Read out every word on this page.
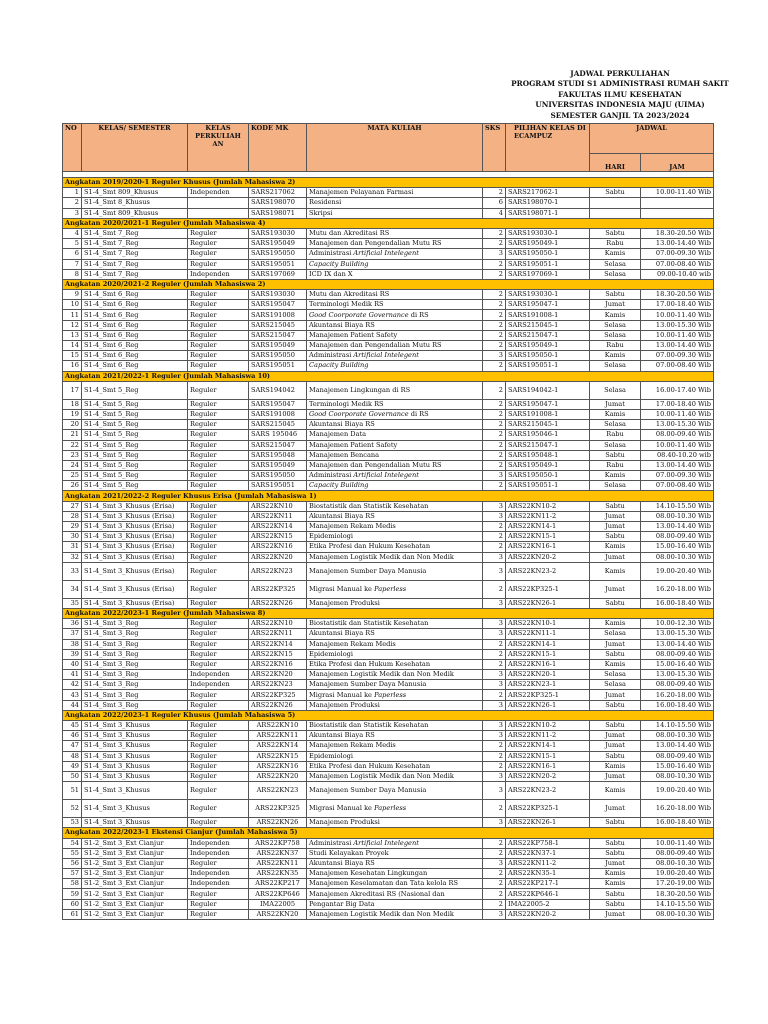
JADWAL PERKULIAHAN
PROGRAM STUDI S1 ADMINISTRASI RUMAH SAKIT
FAKULTAS ILMU KESEHATAN
UNIVERSITAS INDONESIA MAJU (UIMA)
SEMESTER GANJIL TA 2023/2024
NO	KELAS/ SEMESTER	KELAS PERKULIAH AN	KODE MK	MATA KULIAH	SKS	PILIHAN KELAS DI ECAMPUZ	JADWAL	
							HARI	JAM

Angkatan 2019/2020-1 Reguler Khusus (Jumlah Mahasiswa 2)								
1	S1-4_Smt 809_Khusus	Independen	SARS217062	Manajemen Pelayanan Farmasi	2	SARS217062-1	Sabtu	10.00-11.40 Wib
2	S1-4_Smt 8_Khusus		SARS198070	Residensi	6	SARS198070-1		
3	S1-4_Smt 809_Khusus		SARS198071	Skripsi	4	SARS198071-1		
Angkatan 2020/2021-1 Reguler (Jumlah Mahasiswa 4)								
4	S1-4_Smt 7_Reg	Reguler	SARS193030	Mutu dan Akreditasi RS	2	SARS193030-1	Sabtu	18.30-20.50 Wib
5	S1-4_Smt 7_Reg	Reguler	SARS195049	Manajemen dan Pengendalian Mutu RS	2	SARS195049-1	Rabu	13.00-14.40 Wib
6	S1-4_Smt 7_Reg	Reguler	SARS195050	Administrasi Artificial Intelegent	3	SARS195050-1	Kamis	07.00-09.30 Wib
7	S1-4_Smt 7_Reg	Reguler	SARS195051	Capacity Building	2	SARS195051-1	Selasa	07.00-08.40 Wib
8	S1-4_Smt 7_Reg	Independen	SARS197069	ICD IX dan X	2	SARS197069-1	Selasa	09.00-10.40 wib
Angkatan 2020/2021-2 Reguler (Jumlah Mahasiswa 2)								
9	S1-4_Smt 6_Reg	Reguler	SARS193030	Mutu dan Akreditasi RS	2	SARS193030-1	Sabtu	18.30-20.50 Wib
10	S1-4_Smt 6_Reg	Reguler	SARS195047	Terminologi Medik RS	2	SARS195047-1	Jumat	17.00-18.40 Wib
11	S1-4_Smt 6_Reg	Reguler	SARS191008	Good Coorporate Governance di RS	2	SARS191008-1	Kamis	10.00-11.40 Wib
12	S1-4_Smt 6_Reg	Reguler	SARS215045	Akuntansi Biaya RS	2	SARS215045-1	Selasa	13.00-15.30 Wib
13	S1-4_Smt 6_Reg	Reguler	SARS215047	Manajemen Patient Safety	2	SARS215047-1	Selasa	10.00-11.40 Wib
14	S1-4_Smt 6_Reg	Reguler	SARS195049	Manajemen dan Pengendalian Mutu RS	2	SARS195049-1	Rabu	13.00-14.40 Wib
15	S1-4_Smt 6_Reg	Reguler	SARS195050	Administrasi Artificial Intelegent	3	SARS195050-1	Kamis	07.00-09.30 Wib
16	S1-4_Smt 6_Reg	Reguler	SARS195051	Capacity Building	2	SARS195051-1	Selasa	07.00-08.40 Wib
Angkatan 2021/2022-1 Reguler (Jumlah Mahasiswa 10)								
17	S1-4_Smt 5_Reg	Reguler	SARS194042	Manajemen Lingkungan di RS	2	SARS194042-1	Selasa	16.00-17.40 Wib
18	S1-4_Smt 5_Reg	Reguler	SARS195047	Terminologi Medik RS	2	SARS195047-1	Jumat	17.00-18.40 Wib
19	S1-4_Smt 5_Reg	Reguler	SARS191008	Good Coorporate Governance di RS	2	SARS191008-1	Kamis	10.00-11.40 Wib
20	S1-4_Smt 5_Reg	Reguler	SARS215045	Akuntansi Biaya RS	2	SARS215045-1	Selasa	13.00-15.30 Wib
21	S1-4_Smt 5_Reg	Reguler	SARS 195046	Manajemen Data	2	SARS195046-1	Rabu	08.00-09.40 Wib
22	S1-4_Smt 5_Reg	Reguler	SARS215047	Manajemen Patient Safety	2	SARS215047-1	Selasa	10.00-11.40 Wib
23	S1-4_Smt 5_Reg	Reguler	SARS195048	Manajemen Bencana	2	SARS195048-1	Sabtu	08.40-10.20 wib
24	S1-4_Smt 5_Reg	Reguler	SARS195049	Manajemen dan Pengendalian Mutu RS	2	SARS195049-1	Rabu	13.00-14.40 Wib
25	S1-4_Smt 5_Reg	Reguler	SARS195050	Administrasi Artificial Intelegent	3	SARS195050-1	Kamis	07.00-09.30 Wib
26	S1-4_Smt 5_Reg	Reguler	SARS195051	Capacity Building	2	SARS195051-1	Selasa	07.00-08.40 Wib
Angkatan 2021/2022-2 Reguler Khusus Erisa (Jumlah Mahasiswa 1)								
27	S1-4_Smt 3_Khusus (Erisa)	Reguler	ARS22KN10	Biostatistik dan Statistik Kesehatan	3	ARS22KN10-2	Sabtu	14.10-15.50 Wib
28	S1-4_Smt 3_Khusus (Erisa)	Reguler	ARS22KN11	Akuntansi Biaya RS	3	ARS22KN11-2	Jumat	08.00-10.30 Wib
29	S1-4_Smt 3_Khusus (Erisa)	Reguler	ARS22KN14	Manajemen Rekam Medis	2	ARS22KN14-1	Jumat	13.00-14.40 Wib
30	S1-4_Smt 3_Khusus (Erisa)	Reguler	ARS22KN15	Epidemiologi	2	ARS22KN15-1	Sabtu	08.00-09.40 Wib
31	S1-4_Smt 3_Khusus (Erisa)	Reguler	ARS22KN16	Etika Profesi dan Hukum Kesehatan	2	ARS22KN16-1	Kamis	15.00-16.40 Wib
32	S1-4_Smt 3_Khusus (Erisa)	Reguler	ARS22KN20	Manajemen Logistik Medik dan Non Medik	3	ARS22KN20-2	Jumat	08.00-10.30 Wib
33	S1-4_Smt 3_Khusus (Erisa)	Reguler	ARS22KN23	Manajemen Sumber Daya Manusia	3	ARS22KN23-2	Kamis	19.00-20.40 Wib
34	S1-4_Smt 3_Khusus (Erisa)	Reguler	ARS22KP325	Migrasi Manual ke Paperless	2	ARS22KP325-1	Jumat	16.20-18.00 Wib
35	S1-4_Smt 3_Khusus (Erisa)	Reguler	ARS22KN26	Manajemen Produksi	3	ARS22KN26-1	Sabtu	16.00-18.40 Wib
Angkatan 2022/2023-1 Reguler (Jumlah Mahasiswa 8)								
36	S1-4_Smt 3_Reg	Reguler	ARS22KN10	Biostatistik dan Statistik Kesehatan	3	ARS22KN10-1	Kamis	10.00-12.30 Wib
37	S1-4_Smt 3_Reg	Reguler	ARS22KN11	Akuntansi Biaya RS	3	ARS22KN11-1	Selasa	13.00-15.30 Wib
38	S1-4_Smt 3_Reg	Reguler	ARS22KN14	Manajemen Rekam Medis	2	ARS22KN14-1	Jumat	13.00-14.40 Wib
39	S1-4_Smt 3_Reg	Reguler	ARS22KN15	Epidemiologi	2	ARS22KN15-1	Sabtu	08.00-09.40 Wib
40	S1-4_Smt 3_Reg	Reguler	ARS22KN16	Etika Profesi dan Hukum Kesehatan	2	ARS22KN16-1	Kamis	15.00-16.40 Wib
41	S1-4_Smt 3_Reg	Independen	ARS22KN20	Manajemen Logistik Medik dan Non Medik	3	ARS22KN20-1	Selasa	13.00-15.30 Wib
42	S1-4_Smt 3_Reg	Independen	ARS22KN23	Manajemen Sumber Daya Manusia	3	ARS22KN23-1	Selasa	08.00-09.40 Wib
43	S1-4_Smt 3_Reg	Reguler	ARS22KP325	Migrasi Manual ke Paperless	2	ARS22KP325-1	Jumat	16.20-18.00 Wib
44	S1-4_Smt 3_Reg	Reguler	ARS22KN26	Manajemen Produksi	3	ARS22KN26-1	Sabtu	16.00-18.40 Wib
Angkatan 2022/2023-1 Reguler Khusus (Jumlah Mahasiswa 5)								
45	S1-4_Smt 3_Khusus	Reguler	ARS22KN10	Biostatistik dan Statistik Kesehatan	3	ARS22KN10-2	Sabtu	14.10-15.50 Wib
46	S1-4_Smt 3_Khusus	Reguler	ARS22KN11	Akuntansi Biaya RS	3	ARS22KN11-2	Jumat	08.00-10.30 Wib
47	S1-4_Smt 3_Khusus	Reguler	ARS22KN14	Manajemen Rekam Medis	2	ARS22KN14-1	Jumat	13.00-14.40 Wib
48	S1-4_Smt 3_Khusus	Reguler	ARS22KN15	Epidemiologi	2	ARS22KN15-1	Sabtu	08.00-09.40 Wib
49	S1-4_Smt 3_Khusus	Reguler	ARS22KN16	Etika Profesi dan Hukum Kesehatan	2	ARS22KN16-1	Kamis	15.00-16.40 Wib
50	S1-4_Smt 3_Khusus	Reguler	ARS22KN20	Manajemen Logistik Medik dan Non Medik	3	ARS22KN20-2	Jumat	08.00-10.30 Wib
51	S1-4_Smt 3_Khusus	Reguler	ARS22KN23	Manajemen Sumber Daya Manusia	3	ARS22KN23-2	Kamis	19.00-20.40 Wib
52	S1-4_Smt 3_Khusus	Reguler	ARS22KP325	Migrasi Manual ke Paperless	2	ARS22KP325-1	Jumat	16.20-18.00 Wib
53	S1-4_Smt 3_Khusus	Reguler	ARS22KN26	Manajemen Produksi	3	ARS22KN26-1	Sabtu	16.00-18.40 Wib
Angkatan 2022/2023-1 Ekstensi Cianjur (Jumlah Mahasiswa 5)								
54	S1-2_Smt 3_Ext Cianjur	Independen	ARS22KP758	Administrasi Artificial Intelegent	2	ARS22KP758-1	Sabtu	10.00-11.40 Wib
55	S1-2_Smt 3_Ext Cianjur	Independen	ARS22KN37	Studi Kelayakan Proyek	2	ARS22KN37-1	Sabtu	08.00-09.40 Wib
56	S1-2_Smt 3_Ext Cianjur	Reguler	ARS22KN11	Akuntansi Biaya RS	3	ARS22KN11-2	Jumat	08.00-10.30 Wib
57	S1-2_Smt 3_Ext Cianjur	Independen	ARS22KN35	Manajemen Kesehatan Lingkungan	2	ARS22KN35-1	Kamis	19.00-20.40 Wib
58	S1-2_Smt 3_Ext Cianjur	Independen	ARS22KP217	Manajemen Keselamatan dan Tata kelola RS	2	ARS22KP217-1	Kamis	17.20-19.00 Wib
59	S1-2_Smt 3_Ext Cianjur	Reguler	ARS22KP646	Manajemen Akreditasi RS (Nasional dan	2	ARS22KP646-1	Sabtu	18.30-20.50 Wib
60	S1-2_Smt 3_Ext Cianjur	Reguler	IMA22005	Pengantar Big Data	2	IMA22005-2	Sabtu	14.10-15.50 Wib
61	S1-2_Smt 3_Ext Cianjur	Reguler	ARS22KN20	Manajemen Logistik Medik dan Non Medik	3	ARS22KN20-2	Jumat	08.00-10.30 Wib
